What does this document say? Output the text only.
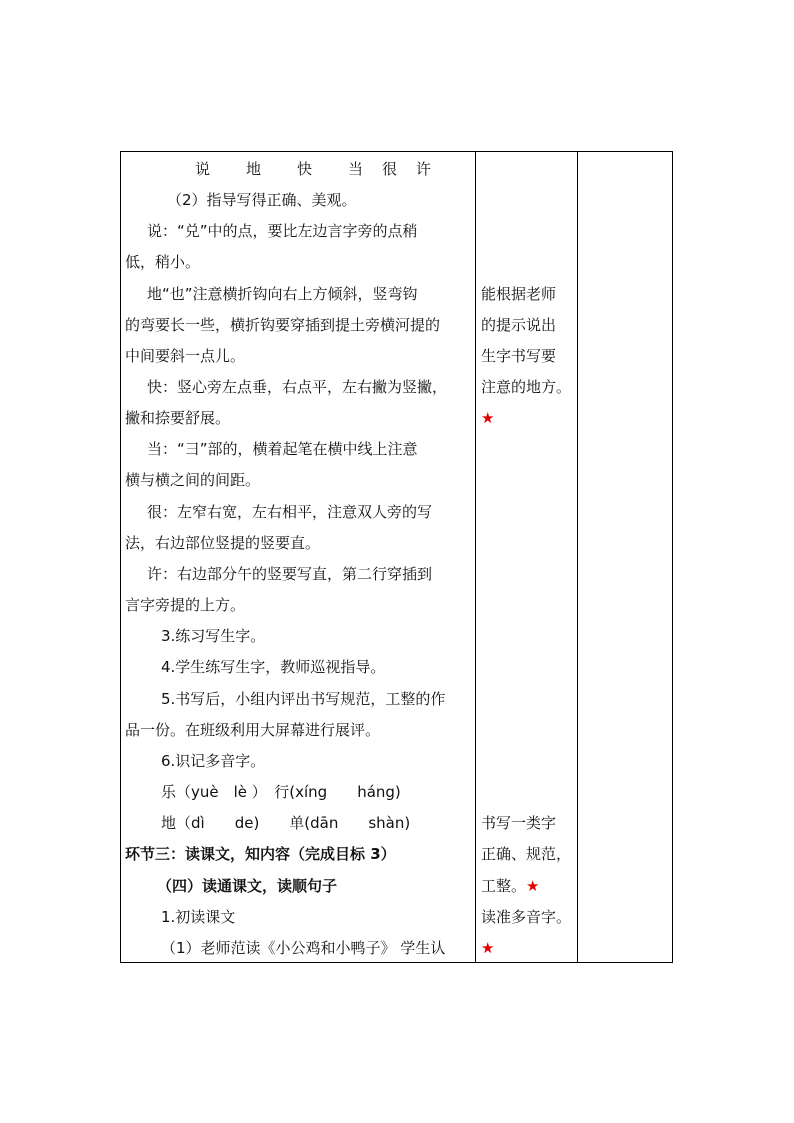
说　　地　　快　　当　很　许
（2）指导写得正确、美观。
说：“兑”中的点，要比左边言字旁的点稍
低，稍小。
地“也”注意横折钩向右上方倾斜，竖弯钩
的弯要长一些，横折钩要穿插到提土旁横河提的
中间要斜一点儿。
快：竖心旁左点垂，右点平，左右撇为竖撇，
撇和捺要舒展。
当：“彐”部的，横着起笔在横中线上注意
横与横之间的间距。
很：左窄右宽，左右相平，注意双人旁的写
法，右边部位竖提的竖要直。
许：右边部分午的竖要写直，第二行穿插到
言字旁提的上方。
3.练习写生字。
4.学生练写生字，教师巡视指导。
5.书写后，小组内评出书写规范，工整的作
品一份。在班级利用大屏幕进行展评。
6.识记多音字。
乐（yuè　lè ）　行(xíng　　háng)
地（dì　　de)　　单(dān　　shàn)
环节三：读课文，知内容（完成目标 3）
（四）读通课文，读顺句子
1.初读课文
（1）老师范读《小公鸡和小鸭子》 学生认
能根据老师
的提示说出
生字书写要
注意的地方。
★
书写一类字
正确、规范，
工整。★
读准多音字。
★
